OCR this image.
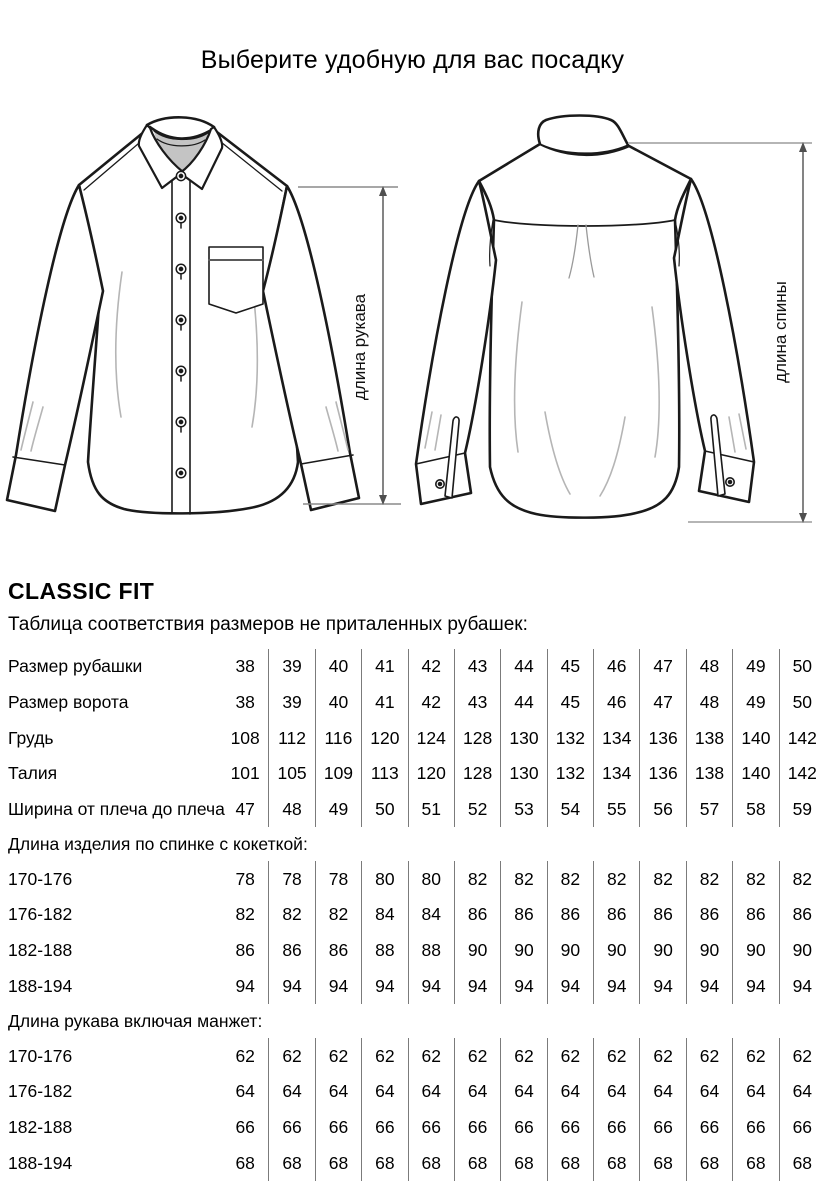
Выберите удобную для вас посадку
длина рукава	длина спины
CLASSIC FIT
Таблица соответствия размеров не приталенных рубашек:
Размер рубашки	38	39	40	41	42	43	44	45	46	47	48	49	50
Размер ворота	38	39	40	41	42	43	44	45	46	47	48	49	50
Грудь	108	112	116	120 124 128 130 132 134 136 138 140 142
Талия	101	105 109	113	120 128 130 132 134 136 138 140 142
Ширина от плеча до плеча 47	48	49	50	51	52	53	54	55	56	57	58	59
Длина изделия по спинке с кокеткой:
170-176	78	78	78	80	80	82	82	82	82	82	82	82	82
176-182	82	82	82	84	84	86	86	86	86	86	86	86	86
182-188	86	86	86	88	88	90	90	90	90	90	90	90	90
188-194	94	94	94	94	94	94	94	94	94	94	94	94	94
Длина рукава включая манжет:
170-176	62	62	62	62	62	62	62	62	62	62	62	62	62
176-182	64	64	64	64	64	64	64	64	64	64	64	64	64
182-188	66	66	66	66	66	66	66	66	66	66	66	66	66
188-194	68	68	68	68	68	68	68	68	68	68	68	68	68
